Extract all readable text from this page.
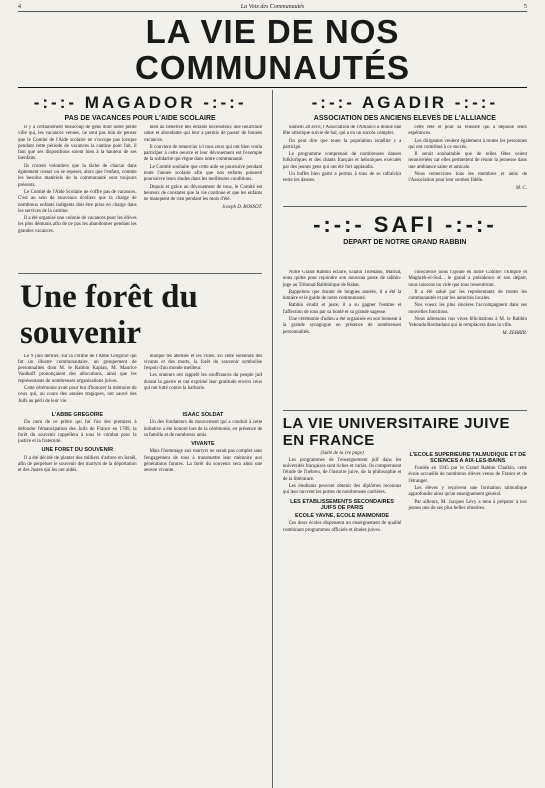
4	La Voix des Communautés	5
LA VIE DE NOS COMMUNAUTÉS
-:-:- MAGADOR -:-:-
PAS DE VACANCES POUR L'AIDE SCOLAIRE

Il y a certainement beaucoup de gens dont notre petite ville qui, les vacances venues, ne sont pas loin de penser que le Comité de l'Aide scolaire ne s'occupe pas lorsque pendant cette période de vacances la cantine pour fait, il faut que ses dispositions soient bien à la hauteur de ses bienfaits.

Ils croient volontiers que la tâche de chacun dans également cesser ou se reposer, alors que l'enfant, comme les besoins matériels de la communauté sont toujours présents.

Le Comité de l'Aide Scolaire ne s'offre pas de vacances. C'est au sein de nouveaux écoliers que la charge de nombreux enfants indigents doit être prise en charge dans les services de la cantine.

Il a été organisé une colonie de vacances pour les élèves les plus démunis afin de ne pas les abandonner pendant les grandes vacances.

bien au bénéfice des enfants nécessiteux une nourriture saine et abondante qui leur a permis de passer de bonnes vacances.

Il convient de remercier ici tous ceux qui ont bien voulu participer à cette oeuvre et leur dévouement est l'exemple de la solidarité qui règne dans notre communauté.

Le Comité souhaite que cette aide se poursuive pendant toute l'année scolaire afin que nos enfants puissent poursuivre leurs études dans les meilleures conditions.

Depuis et grâce au dévouement de tous, le Comité est heureux de constater que la vie continue et que les enfants ne manquent de rien pendant les mois d'été.

Joseph D. BOSSOT.
-:-:- AGADIR -:-:-
ASSOCIATION DES ANCIENS ELEVES DE L'ALLIANCE

Samedi 28 avril, l'Association de l'Alliance a donné une fête artistique suivie de bal, qui a eu un succès complet.

On peut dire que toute la population israélite y a participé.

Le programme comprenait de nombreuses danses folkloriques et des chants français et hébraïques exécutés par des jeunes gens qui ont été fort applaudis.

Un buffet bien garni a permis à tous de se rafraîchir entre les danses.

cette fête et pour sa réussite qui a dépassé leurs espérances.

Les dirigeants veulent également à toutes les personnes qui ont contribué à ce succès.

Il serait souhaitable que de telles fêtes soient renouvelées car elles permettent de réunir la jeunesse dans une ambiance saine et amicale.

Nous remercions tous les membres et amis de l'Association pour leur soutien fidèle.

M. C.
-:-:- SAFI -:-:-
DEPART DE NOTRE GRAND RABBIN
Une forêt du souvenir

Le 9 juin dernier, sur la colline de l'Abbé Grégoire qui fut un illustre communautaire, un groupement de personnalités dont M. le Rabbin Kaplan, M. Maurice Vanikoff prononçaient des allocutions, ainsi que les représentants de nombreuses organisations juives.

Cette cérémonie avait pour but d'honorer la mémoire de ceux qui, au cours des années tragiques, ont sauvé des Juifs au péril de leur vie.

marque les abeilles et les villes. En cette solennité des vivants et des morts, la forêt du souvenir symbolise l'espoir d'un monde meilleur.

Les orateurs ont rappelé les souffrances du peuple juif durant la guerre et ont exprimé leur gratitude envers ceux qui ont lutté contre la barbarie.

Notre Grand Rabbin éclairé, Eliahu Tolédano, Marnat, nous quitte pour rejoindre son nouveau poste de rabbin-juge au Tribunal Rabbinique de Rabat.

Rappelons que durant de longues années, il a été la lumière et le guide de notre communauté.

Rabbin érudit et juste, il a su gagner l'estime et l'affection de tous par sa bonté et sa grande sagesse.

Une cérémonie d'adieu a été organisée en son honneur à la grande synagogue en présence de nombreuses personnalités.

conscience nous l'ajoute en notre Comité: l'Empire et Maghreb-el-Sud... le grand a présidence et son départ, nous laissons un vide que tous ressentiront.

Il a été salué par les représentants de toutes les communautés et par les autorités locales.

Nos voeux les plus sincères l'accompagnent dans ses nouvelles fonctions.

Nous adressons nos vives félicitations à M. le Rabbin Yehouda Bouhadana qui le remplacera dans la ville.

M. ZEBRIR.
L'ABBE GREGOIRE

Du nom de ce prêtre qui fut l'un des premiers à défendre l'émancipation des Juifs de France en 1789, la forêt du souvenir rappellera à tous le combat pour la justice et la fraternité.

UNE FORET DU SOUVENIR

Il a été décidé de planter des milliers d'arbres en Israël, afin de perpétuer le souvenir des martyrs de la déportation et des Justes qui les ont aidés.

ISAAC SOLDAT

Un des fondateurs du mouvement qui a conduit à cette initiative a été honoré lors de la cérémonie, en présence de sa famille et de nombreux amis.

VIVANTE

Mais l'hommage aux martyrs ne serait pas complet sans l'engagement de tous à transmettre leur mémoire aux générations futures. La forêt du souvenir sera ainsi une oeuvre vivante.

LA VIE UNIVERSITAIRE JUIVE EN FRANCE
(Suite de la 1re page)

Les programmes de l'enseignement juif dans les universités françaises sont riches et variés. Ils comprennent l'étude de l'hébreu, de l'histoire juive, de la philosophie et de la littérature.

Les étudiants peuvent obtenir des diplômes reconnus qui leur ouvrent les portes de nombreuses carrières.

LES ETABLISSEMENTS SECONDAIRES JUIFS DE PARIS
ECOLE YAVNE, ECOLE MAIMONIDE

Ces deux écoles dispensent un enseignement de qualité combinant programmes officiels et études juives.

L'ECOLE SUPERIEURE TALMUDIQUE ET DE SCIENCES A AIX-LES-BAINS

Fondée en 1945 par le Grand Rabbin Chaïkin, cette école accueille de nombreux élèves venus de France et de l'étranger.

Les élèves y reçoivent une formation talmudique approfondie ainsi qu'un enseignement général.

Par ailleurs, M. Jacques Lévy a tenu à préparer à nos jeunes une de ses plus belles réussites.
